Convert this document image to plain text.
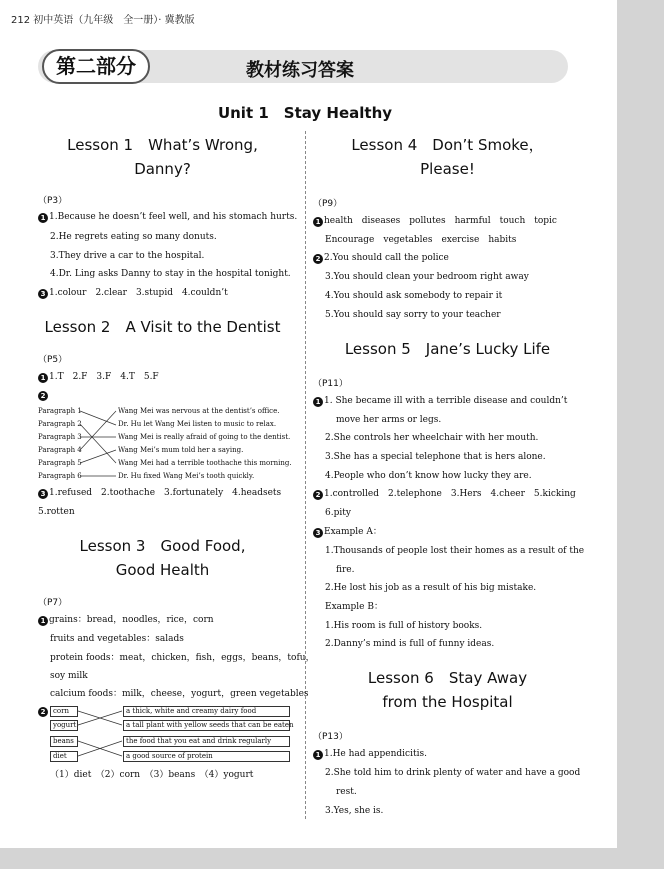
212 初中英语（九年级　全一册）· 冀教版
第二部分	教材练习答案
Unit 1　Stay Healthy
Lesson 1　What’s Wrong,
Danny?
（P3）
1 1.Because he doesn’t feel well, and his stomach hurts.
2.He regrets eating so many donuts.
3.They drive a car to the hospital.
4.Dr. Ling asks Danny to stay in the hospital tonight.
3 1.colour　2.clear　3.stupid　4.couldn’t
Lesson 2　A Visit to the Dentist
（P5）
1 1.T　2.F　3.F　4.T　5.F
2
Paragraph 1
Paragraph 2
Paragraph 3
Paragraph 4
Paragraph 5
Paragraph 6
Wang Mei was nervous at the dentist’s office.
Dr. Hu let Wang Mei listen to music to relax.
Wang Mei is really afraid of going to the dentist.
Wang Mei’s mum told her a saying.
Wang Mei had a terrible toothache this morning.
Dr. Hu fixed Wang Mei’s tooth quickly.
3 1.refused　2.toothache　3.fortunately　4.headsets
5.rotten
Lesson 3　Good Food,
Good Health
（P7）
1 grains：bread，noodles，rice，corn
fruits and vegetables：salads
protein foods：meat，chicken，fish，eggs，beans，tofu，
soy milk
calcium foods：milk，cheese，yogurt，green vegetables
2	corn
yogurt
beans
diet
a thick, white and creamy dairy food
a tall plant with yellow seeds that can be eaten
the food that you eat and drink regularly
a good source of protein
（1）diet　（2）corn　（3）beans　（4）yogurt
Lesson 4　Don’t Smoke，
Please!
（P9）
1 health　diseases　pollutes　harmful　touch　topic
Encourage　vegetables　exercise　habits
2 2.You should call the police
3.You should clean your bedroom right away
4.You should ask somebody to repair it
5.You should say sorry to your teacher
Lesson 5　Jane’s Lucky Life
（P11）
1 1. She became ill with a terrible disease and couldn’t
move her arms or legs.
2.She controls her wheelchair with her mouth.
3.She has a special telephone that is hers alone.
4.People who don’t know how lucky they are.
2 1.controlled　2.telephone　3.Hers　4.cheer　5.kicking
6.pity
3 Example A：
1.Thousands of people lost their homes as a result of the
fire.
2.He lost his job as a result of his big mistake.
Example B：
1.His room is full of history books.
2.Danny’s mind is full of funny ideas.
Lesson 6　Stay Away
from the Hospital
（P13）
1 1.He had appendicitis.
2.She told him to drink plenty of water and have a good
rest.
3.Yes, she is.
